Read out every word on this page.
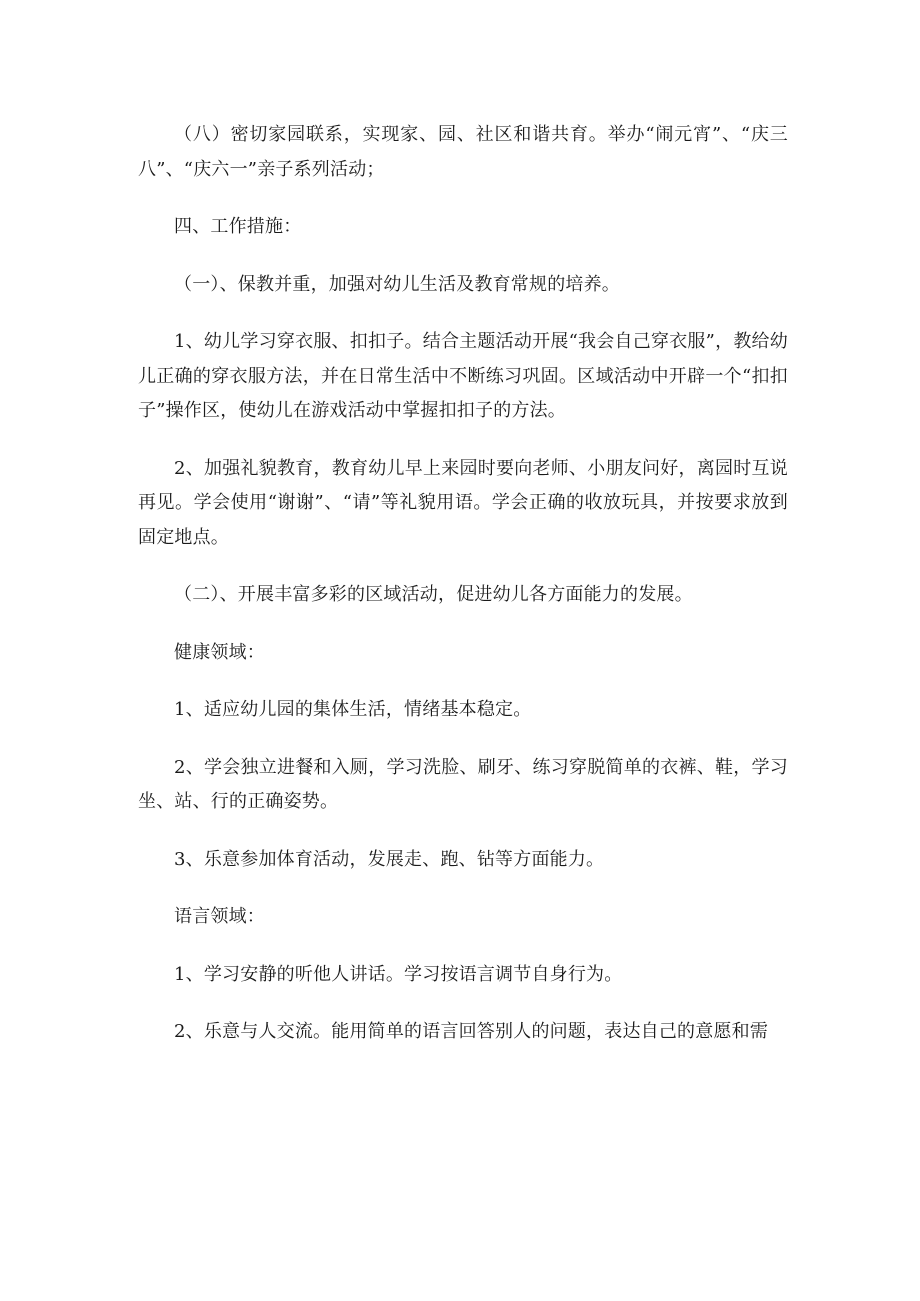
（八）密切家园联系，实现家、园、社区和谐共育。举办“闹元宵”、“庆三八”、“庆六一”亲子系列活动；

四、工作措施：

（一）、保教并重，加强对幼儿生活及教育常规的培养。

1、幼儿学习穿衣服、扣扣子。结合主题活动开展“我会自己穿衣服”，教给幼儿正确的穿衣服方法，并在日常生活中不断练习巩固。区域活动中开辟一个“扣扣子”操作区，使幼儿在游戏活动中掌握扣扣子的方法。

2、加强礼貌教育，教育幼儿早上来园时要向老师、小朋友问好，离园时互说再见。学会使用“谢谢”、“请”等礼貌用语。学会正确的收放玩具，并按要求放到固定地点。

（二）、开展丰富多彩的区域活动，促进幼儿各方面能力的发展。

健康领域：

1、适应幼儿园的集体生活，情绪基本稳定。

2、学会独立进餐和入厕，学习洗脸、刷牙、练习穿脱简单的衣裤、鞋，学习坐、站、行的正确姿势。

3、乐意参加体育活动，发展走、跑、钻等方面能力。

语言领域：

1、学习安静的听他人讲话。学习按语言调节自身行为。

2、乐意与人交流。能用简单的语言回答别人的问题，表达自己的意愿和需
